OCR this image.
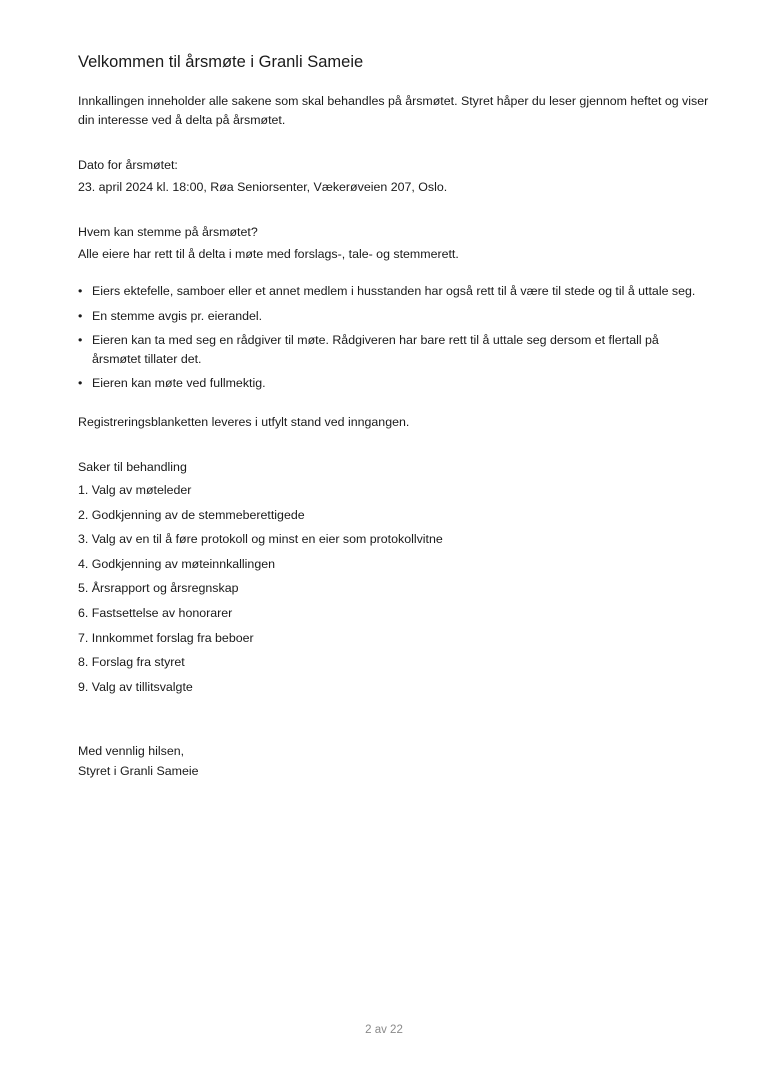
Velkommen til årsmøte i Granli Sameie
Innkallingen inneholder alle sakene som skal behandles på årsmøtet. Styret håper du leser gjennom heftet og viser din interesse ved å delta på årsmøtet.
Dato for årsmøtet:
23. april 2024 kl. 18:00, Røa Seniorsenter, Vækerøveien 207, Oslo.
Hvem kan stemme på årsmøtet?
Alle eiere har rett til å delta i møte med forslags-, tale- og stemmerett.
• Eiers ektefelle, samboer eller et annet medlem i husstanden har også rett til å være til stede og til å uttale seg.
• En stemme avgis pr. eierandel.
• Eieren kan ta med seg en rådgiver til møte. Rådgiveren har bare rett til å uttale seg dersom et flertall på årsmøtet tillater det.
• Eieren kan møte ved fullmektig.
Registreringsblanketten leveres i utfylt stand ved inngangen.
Saker til behandling
1. Valg av møteleder
2. Godkjenning av de stemmeberettigede
3. Valg av en til å føre protokoll og minst en eier som protokollvitne
4. Godkjenning av møteinnkallingen
5. Årsrapport og årsregnskap
6. Fastsettelse av honorarer
7. Innkommet forslag fra beboer
8. Forslag fra styret
9. Valg av tillitsvalgte
Med vennlig hilsen,
Styret i Granli Sameie
2 av 22
